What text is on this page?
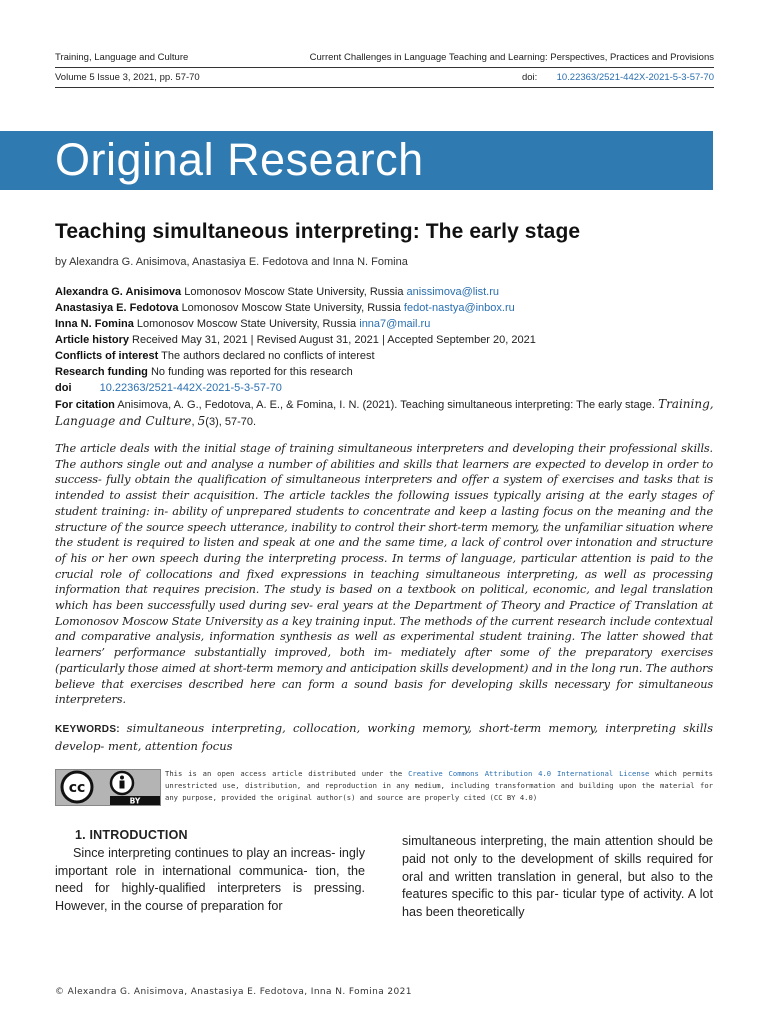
Training, Language and Culture	Current Challenges in Language Teaching and Learning: Perspectives, Practices and Provisions
Volume 5 Issue 3, 2021, pp. 57-70	doi: 10.22363/2521-442X-2021-5-3-57-70
Original Research
Teaching simultaneous interpreting: The early stage
by Alexandra G. Anisimova, Anastasiya E. Fedotova and Inna N. Fomina
Alexandra G. Anisimova Lomonosov Moscow State University, Russia anissimova@list.ru
Anastasiya E. Fedotova Lomonosov Moscow State University, Russia fedot-nastya@inbox.ru
Inna N. Fomina Lomonosov Moscow State University, Russia inna7@mail.ru
Article history Received May 31, 2021 | Revised August 31, 2021 | Accepted September 20, 2021
Conflicts of interest The authors declared no conflicts of interest
Research funding No funding was reported for this research
doi	10.22363/2521-442X-2021-5-3-57-70
For citation Anisimova, A. G., Fedotova, A. E., & Fomina, I. N. (2021). Teaching simultaneous interpreting: The early stage. Training, Language and Culture, 5(3), 57-70.
The article deals with the initial stage of training simultaneous interpreters and developing their professional skills. The authors single out and analyse a number of abilities and skills that learners are expected to develop in order to success- fully obtain the qualification of simultaneous interpreters and offer a system of exercises and tasks that is intended to assist their acquisition. The article tackles the following issues typically arising at the early stages of student training: in- ability of unprepared students to concentrate and keep a lasting focus on the meaning and the structure of the source speech utterance, inability to control their short-term memory, the unfamiliar situation where the student is required to listen and speak at one and the same time, a lack of control over intonation and structure of his or her own speech during the interpreting process. In terms of language, particular attention is paid to the crucial role of collocations and fixed expressions in teaching simultaneous interpreting, as well as processing information that requires precision. The study is based on a textbook on political, economic, and legal translation which has been successfully used during sev- eral years at the Department of Theory and Practice of Translation at Lomonosov Moscow State University as a key training input. The methods of the current research include contextual and comparative analysis, information synthesis as well as experimental student training. The latter showed that learners’ performance substantially improved, both im- mediately after some of the preparatory exercises (particularly those aimed at short-term memory and anticipation skills development) and in the long run. The authors believe that exercises described here can form a sound basis for developing skills necessary for simultaneous interpreters.
KEYWORDS: simultaneous interpreting, collocation, working memory, short-term memory, interpreting skills develop- ment, attention focus
cc
BY
This is an open access article distributed under the Creative Commons Attribution 4.0 International License which permits unrestricted use, distribution, and reproduction in any medium, including transformation and building upon the material for any purpose, provided the original author(s) and source are properly cited (CC BY 4.0)
1. INTRODUCTION
Since interpreting continues to play an increas- ingly important role in international communica- tion, the need for highly-qualified interpreters is pressing. However, in the course of preparation for
simultaneous interpreting, the main attention should be paid not only to the development of skills required for oral and written translation in general, but also to the features specific to this par- ticular type of activity. A lot has been theoretically
© Alexandra G. Anisimova, Anastasiya E. Fedotova, Inna N. Fomina 2021
